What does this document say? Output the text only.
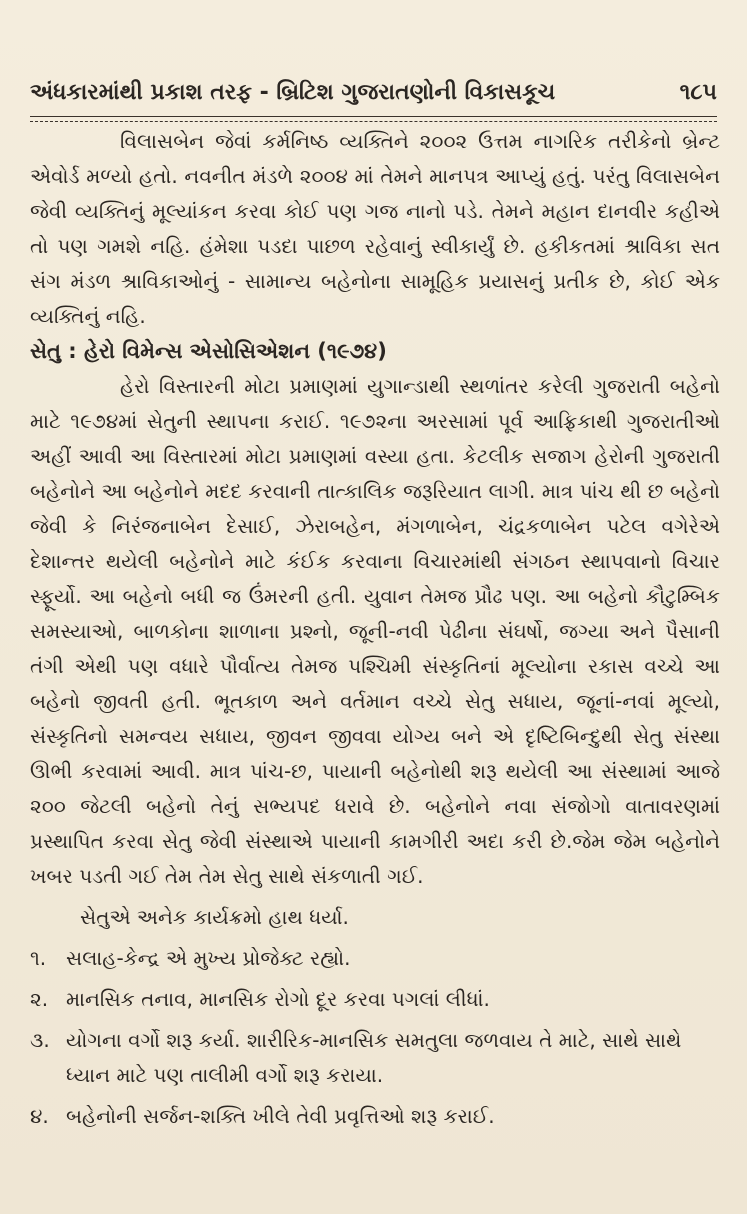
અંધકારમાંથી પ્રકાશ તરફ - બ્રિટિશ ગુજરાતણોની વિકાસકૂચ	૧૮૫

વિલાસબેન જેવાં કર્મનિષ્ઠ વ્યક્તિને ૨૦૦૨ ઉત્તમ નાગરિક તરીકેનો બ્રેન્ટ એવોર્ડ મળ્યો હતો. નવનીત મંડળે ૨૦૦૪ માં તેમને માનપત્ર આપ્યું હતું. પરંતુ વિલાસબેન જેવી વ્યક્તિનું મૂલ્યાંકન કરવા કોઈ પણ ગજ નાનો પડે. તેમને મહાન દાનવીર કહીએ તો પણ ગમશે નહિ. હંમેશા પડદા પાછળ રહેવાનું સ્વીકાર્યું છે. હકીકતમાં શ્રાવિકા સત સંગ મંડળ શ્રાવિકાઓનું - સામાન્ય બહેનોના સામૂહિક પ્રયાસનું પ્રતીક છે, કોઈ એક વ્યક્તિનું નહિ.

સેતુ : હેરો વિમેન્સ એસોસિએશન (૧૯૭૪)

હેરો વિસ્તારની મોટા પ્રમાણમાં યુગાન્ડાથી સ્થળાંતર કરેલી ગુજરાતી બહેનો માટે ૧૯૭૪માં સેતુની સ્થાપના કરાઈ. ૧૯૭૨ના અરસામાં પૂર્વ આફ્રિકાથી ગુજરાતીઓ અહીં આવી આ વિસ્તારમાં મોટા પ્રમાણમાં વસ્યા હતા. કેટલીક સજાગ હેરોની ગુજરાતી બહેનોને આ બહેનોને મદદ કરવાની તાત્કાલિક જરૂરિયાત લાગી. માત્ર પાંચ થી છ બહેનો જેવી કે નિરંજનાબેન દેસાઈ, ઝેરાબહેન, મંગળાબેન, ચંદ્રકળાબેન પટેલ વગેરેએ દેશાન્તર થયેલી બહેનોને માટે કંઈક કરવાના વિચારમાંથી સંગઠન સ્થાપવાનો વિચાર સ્ફૂર્યો. આ બહેનો બધી જ ઉંમરની હતી. યુવાન તેમજ પ્રૌઢ પણ. આ બહેનો કૌટુમ્બિક સમસ્યાઓ, બાળકોના શાળાના પ્રશ્નો, જૂની-નવી પેઢીના સંઘર્ષો, જગ્યા અને પૈસાની તંગી એથી પણ વધારે પૌર્વાત્ય તેમજ પશ્ચિમી સંસ્કૃતિનાં મૂલ્યોના રકાસ વચ્ચે આ બહેનો જીવતી હતી. ભૂતકાળ અને વર્તમાન વચ્ચે સેતુ સધાય, જૂનાં-નવાં મૂલ્યો, સંસ્કૃતિનો સમન્વય સધાય, જીવન જીવવા યોગ્ય બને એ દૃષ્ટિબિન્દુથી સેતુ સંસ્થા ઊભી કરવામાં આવી. માત્ર પાંચ-છ, પાયાની બહેનોથી શરૂ થયેલી આ સંસ્થામાં આજે ૨૦૦ જેટલી બહેનો તેનું સભ્યપદ ધરાવે છે. બહેનોને નવા સંજોગો વાતાવરણમાં પ્રસ્થાપિત કરવા સેતુ જેવી સંસ્થાએ પાયાની કામગીરી અદા કરી છે.જેમ જેમ બહેનોને ખબર પડતી ગઈ તેમ તેમ સેતુ સાથે સંકળાતી ગઈ.

સેતુએ અનેક કાર્યક્રમો હાથ ધર્યા.

૧. સલાહ-કેન્દ્ર એ મુખ્ય પ્રોજેક્ટ રહ્યો.
૨. માનસિક તનાવ, માનસિક રોગો દૂર કરવા પગલાં લીધાં.
૩. યોગના વર્ગો શરૂ કર્યા. શારીરિક-માનસિક સમતુલા જળવાય તે માટે, સાથે સાથે ધ્યાન માટે પણ તાલીમી વર્ગો શરૂ કરાયા.
૪. બહેનોની સર્જન-શક્તિ ખીલે તેવી પ્રવૃત્તિઓ શરૂ કરાઈ.
